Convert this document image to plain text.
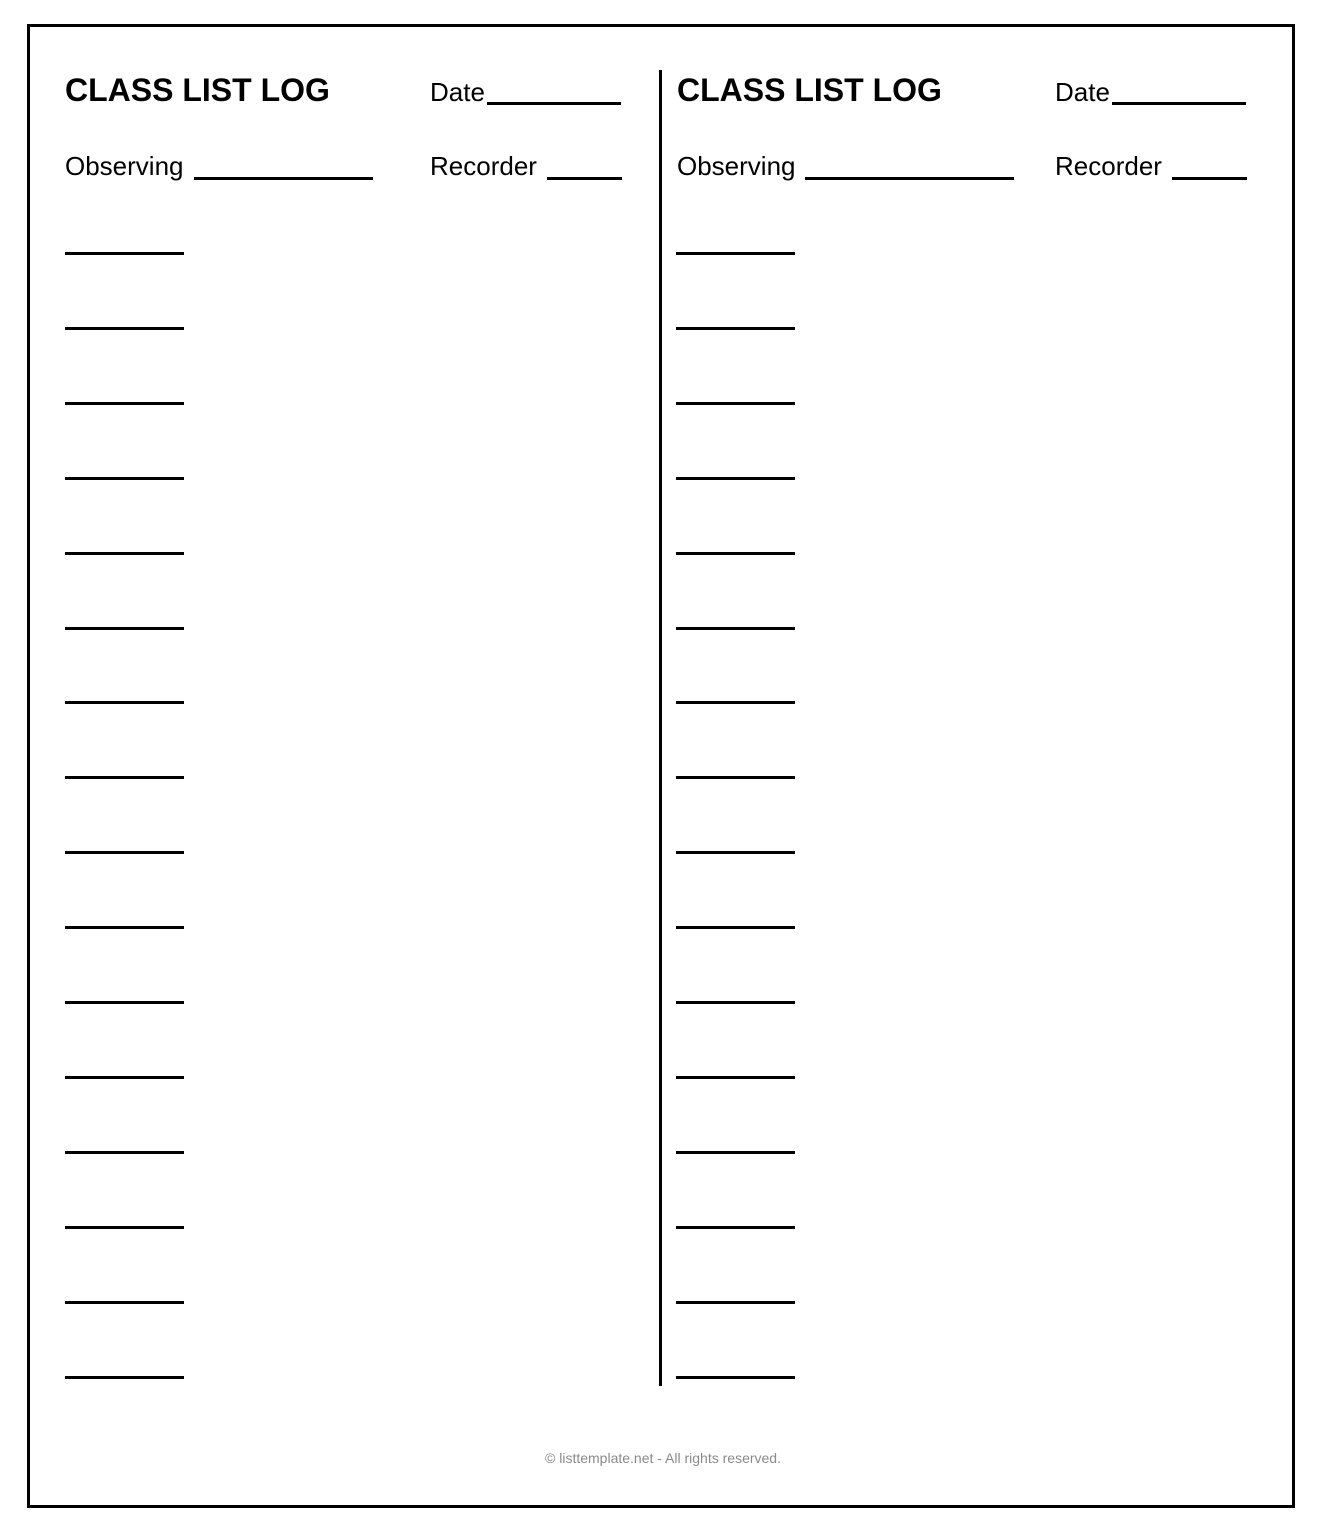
CLASS LIST LOG	Date
Observing	Recorder
CLASS LIST LOG	Date
Observing	Recorder
© listtemplate.net - All rights reserved.
